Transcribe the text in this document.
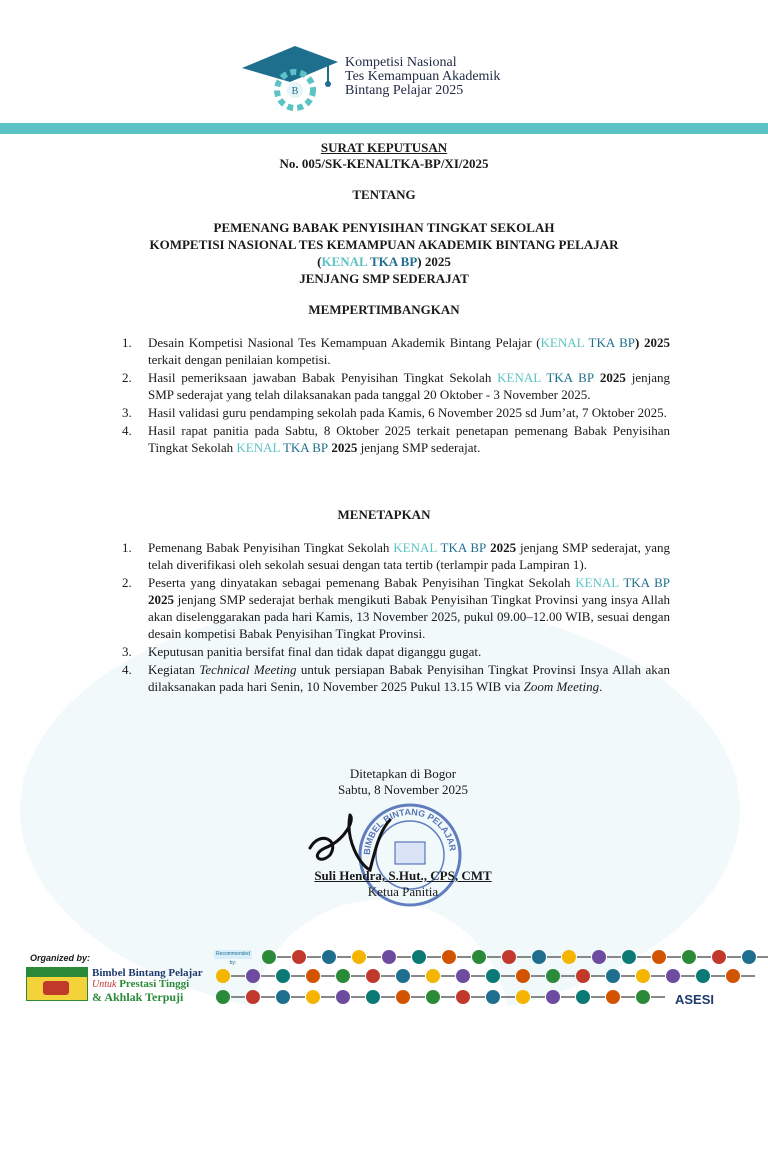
B
Kompetisi Nasional
Tes Kemampuan Akademik
Bintang Pelajar 2025
SURAT KEPUTUSAN
No. 005/SK-KENALTKA-BP/XI/2025
TENTANG
PEMENANG BABAK PENYISIHAN TINGKAT SEKOLAH
KOMPETISI NASIONAL TES KEMAMPUAN AKADEMIK BINTANG PELAJAR
(KENAL TKA BP) 2025
JENJANG SMP SEDERAJAT
MEMPERTIMBANGKAN
1. Desain Kompetisi Nasional Tes Kemampuan Akademik Bintang Pelajar (KENAL TKA BP) 2025 terkait dengan penilaian kompetisi.
2. Hasil pemeriksaan jawaban Babak Penyisihan Tingkat Sekolah KENAL TKA BP 2025 jenjang SMP sederajat yang telah dilaksanakan pada tanggal 20 Oktober - 3 November 2025.
3. Hasil validasi guru pendamping sekolah pada Kamis, 6 November 2025 sd Jum’at, 7 Oktober 2025.
4. Hasil rapat panitia pada Sabtu, 8 Oktober 2025 terkait penetapan pemenang Babak Penyisihan Tingkat Sekolah KENAL TKA BP 2025 jenjang SMP sederajat.
MENETAPKAN
1. Pemenang Babak Penyisihan Tingkat Sekolah KENAL TKA BP 2025 jenjang SMP sederajat, yang telah diverifikasi oleh sekolah sesuai dengan tata tertib (terlampir pada Lampiran 1).
2. Peserta yang dinyatakan sebagai pemenang Babak Penyisihan Tingkat Sekolah KENAL TKA BP 2025 jenjang SMP sederajat berhak mengikuti Babak Penyisihan Tingkat Provinsi yang insya Allah akan diselenggarakan pada hari Kamis, 13 November 2025, pukul 09.00–12.00 WIB, sesuai dengan desain kompetisi Babak Penyisihan Tingkat Provinsi.
3. Keputusan panitia bersifat final dan tidak dapat diganggu gugat.
4. Kegiatan Technical Meeting untuk persiapan Babak Penyisihan Tingkat Provinsi Insya Allah akan dilaksanakan pada hari Senin, 10 November 2025 Pukul 13.15 WIB via Zoom Meeting.
Ditetapkan di Bogor
Sabtu, 8 November 2025
BIMBEL BINTANG PELAJAR
Suli Hendra, S.Hut., CPS, CMT
Ketua Panitia
Organized by:
Bimbel Bintang Pelajar
Untuk Prestasi Tinggi
& Akhlak Terpuji
Recommended by:
ASESI
